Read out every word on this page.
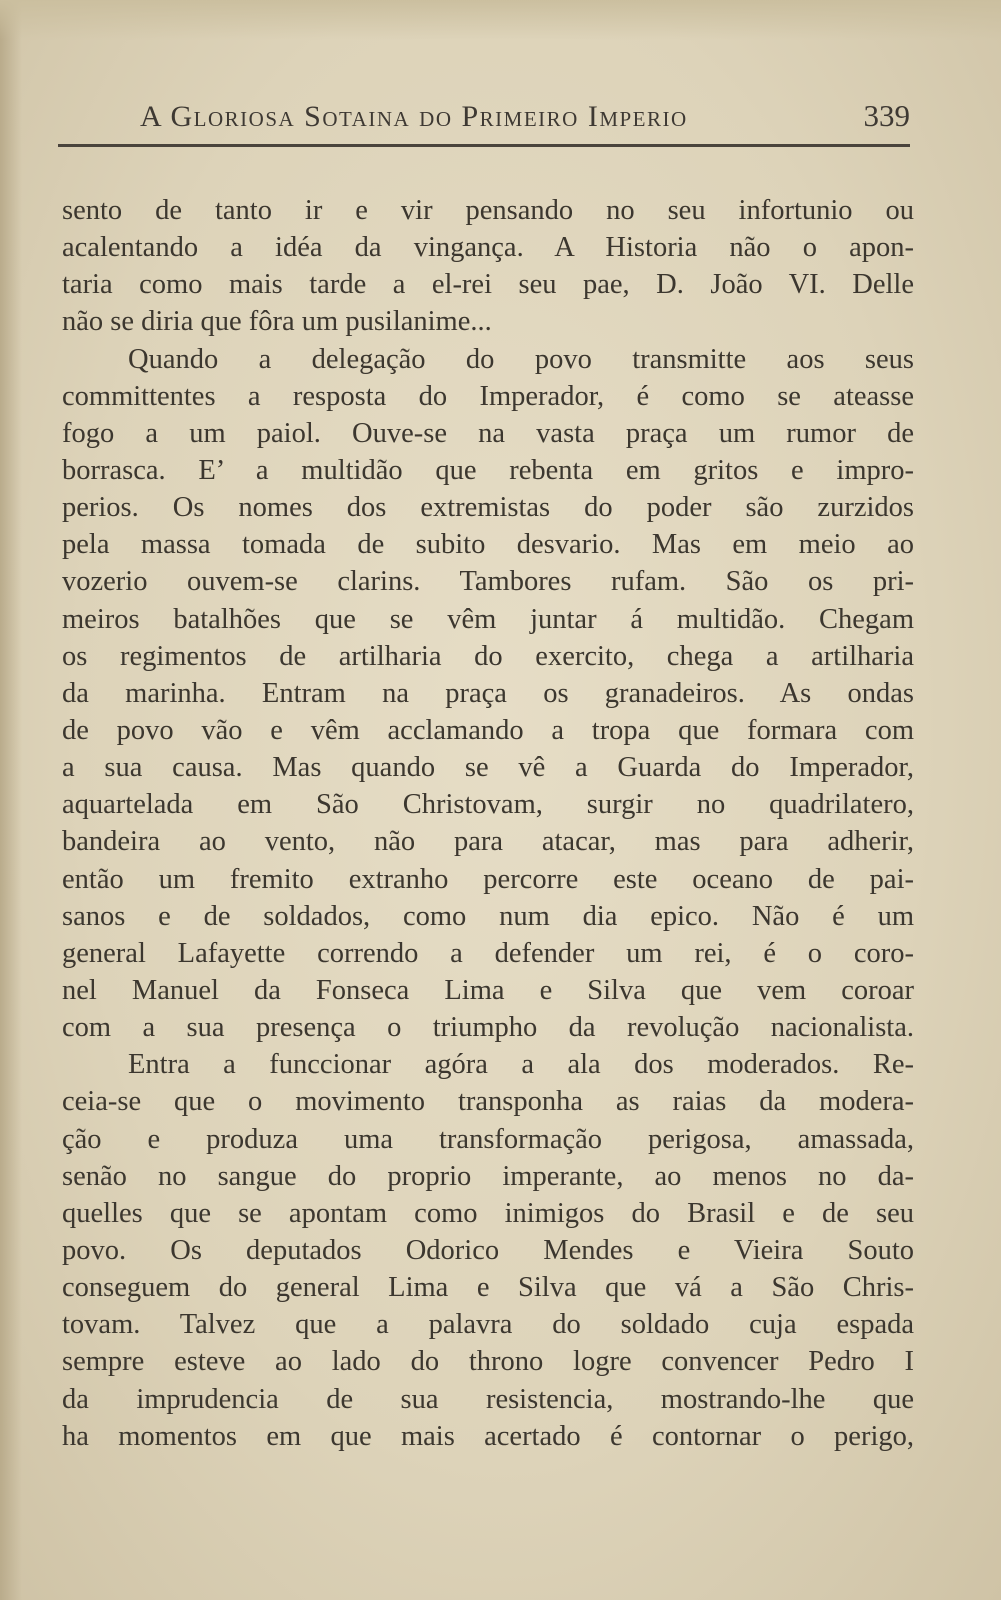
A Gloriosa Sotaina do Primeiro Imperio	339
sento de tanto ir e vir pensando no seu infortunio ou
acalentando a idéa da vingança. A Historia não o apon-
taria como mais tarde a el-rei seu pae, D. João VI. Delle
não se diria que fôra um pusilanime...
Quando a delegação do povo transmitte aos seus
committentes a resposta do Imperador, é como se ateasse
fogo a um paiol. Ouve-se na vasta praça um rumor de
borrasca. E’ a multidão que rebenta em gritos e impro-
perios. Os nomes dos extremistas do poder são zurzidos
pela massa tomada de subito desvario. Mas em meio ao
vozerio ouvem-se clarins. Tambores rufam. São os pri-
meiros batalhões que se vêm juntar á multidão. Chegam
os regimentos de artilharia do exercito, chega a artilharia
da marinha. Entram na praça os granadeiros. As ondas
de povo vão e vêm acclamando a tropa que formara com
a sua causa. Mas quando se vê a Guarda do Imperador,
aquartelada em São Christovam, surgir no quadrilatero,
bandeira ao vento, não para atacar, mas para adherir,
então um fremito extranho percorre este oceano de pai-
sanos e de soldados, como num dia epico. Não é um
general Lafayette correndo a defender um rei, é o coro-
nel Manuel da Fonseca Lima e Silva que vem coroar
com a sua presença o triumpho da revolução nacionalista.
Entra a funccionar agóra a ala dos moderados. Re-
ceia-se que o movimento transponha as raias da modera-
ção e produza uma transformação perigosa, amassada,
senão no sangue do proprio imperante, ao menos no da-
quelles que se apontam como inimigos do Brasil e de seu
povo. Os deputados Odorico Mendes e Vieira Souto
conseguem do general Lima e Silva que vá a São Chris-
tovam. Talvez que a palavra do soldado cuja espada
sempre esteve ao lado do throno logre convencer Pedro I
da imprudencia de sua resistencia, mostrando-lhe que
ha momentos em que mais acertado é contornar o perigo,
